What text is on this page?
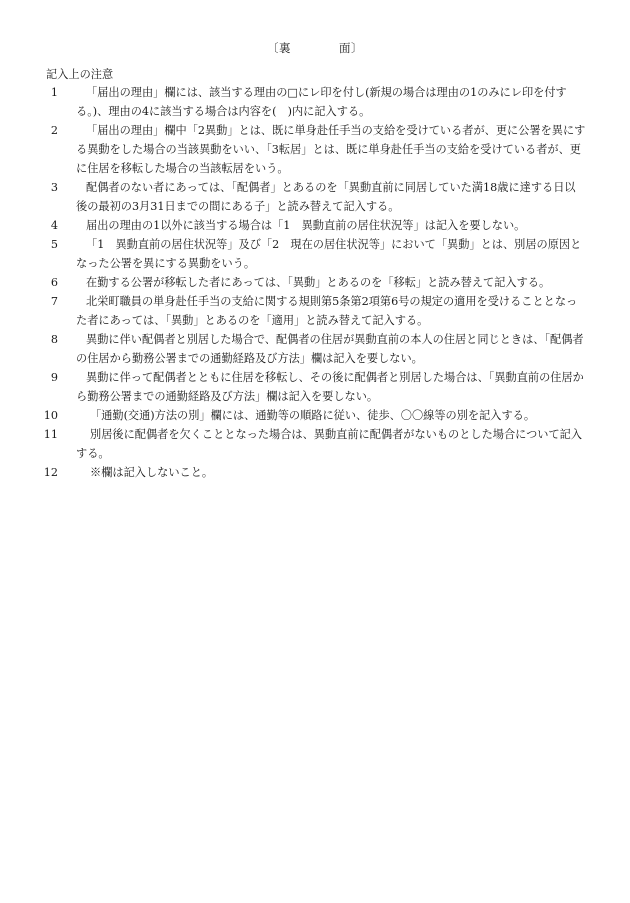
〔裏　　　　面〕
記入上の注意
1	「届出の理由」欄には、該当する理由の□にレ印を付し(新規の場合は理由の1のみにレ印を付する。)、理由の4に該当する場合は内容を(　)内に記入する。
2	「届出の理由」欄中「2異動」とは、既に単身赴任手当の支給を受けている者が、更に公署を異にする異動をした場合の当該異動をいい、「3転居」とは、既に単身赴任手当の支給を受けている者が、更に住居を移転した場合の当該転居をいう。
3	配偶者のない者にあっては、「配偶者」とあるのを「異動直前に同居していた満18歳に達する日以後の最初の3月31日までの間にある子」と読み替えて記入する。
4	届出の理由の1以外に該当する場合は「1　異動直前の居住状況等」は記入を要しない。
5	「1　異動直前の居住状況等」及び「2　現在の居住状況等」において「異動」とは、別居の原因となった公署を異にする異動をいう。
6	在勤する公署が移転した者にあっては、「異動」とあるのを「移転」と読み替えて記入する。
7	北栄町職員の単身赴任手当の支給に関する規則第5条第2項第6号の規定の適用を受けることとなった者にあっては、「異動」とあるのを「適用」と読み替えて記入する。
8	異動に伴い配偶者と別居した場合で、配偶者の住居が異動直前の本人の住居と同じときは、「配偶者の住居から勤務公署までの通勤経路及び方法」欄は記入を要しない。
9	異動に伴って配偶者とともに住居を移転し、その後に配偶者と別居した場合は、「異動直前の住居から勤務公署までの通勤経路及び方法」欄は記入を要しない。
10	「通勤(交通)方法の別」欄には、通勤等の順路に従い、徒歩、〇〇線等の別を記入する。
11	別居後に配偶者を欠くこととなった場合は、異動直前に配偶者がないものとした場合について記入する。
12	※欄は記入しないこと。
